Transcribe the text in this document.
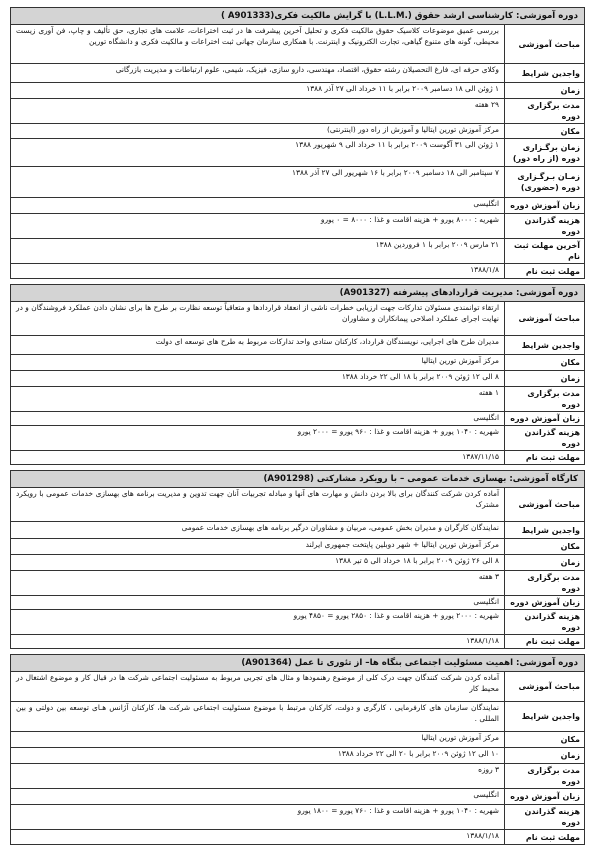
دوره آموزشی: کارشناسی ارشد حقوق (.L.L.M) با گرایش مالکیت فکری(A901333 )
مباحث آموزشی
بررسی عمیق موضوعات کلاسیک حقوق مالکیت فکری و تحلیل آخرین پیشرفت ها در ثبت اختراعات، علامت های تجاری، حق تألیف و چاپ، فن آوری زیست محیطی، گونه های متنوع گیاهی، تجارت الکترونیک و اینترنت. با همکاری سازمان جهانی ثبت اختراعات و مالکیت فکری و دانشگاه تورین
واجدین شرایط
وکلای حرفه ای، فارغ التحصیلان رشته حقوق، اقتصاد، مهندسی، دارو سازی، فیزیک، شیمی، علوم ارتباطات و مدیریت بازرگانی
زمان
۱ ژوئن الی ۱۸ دسامبر ۲۰۰۹ برابر با ۱۱ خرداد الی ۲۷ آذر ۱۳۸۸
مدت برگزاری دوره
۲۹ هفته
مکان
مرکز آموزش تورین ایتالیا و آموزش از راه دور (اینترنتی)
زمان برگـزاری دوره (از راه دور)
۱ ژوئن الی ۳۱ آگوست ۲۰۰۹ برابر با ۱۱ خرداد الی ۹ شهریور ۱۳۸۸
زمـان بـرگـزاری دوره (حضوری)
۷ سپتامبر الی ۱۸ دسامبر ۲۰۰۹ برابر با ۱۶ شهریور الی ۲۷ آذر ۱۳۸۸
زبان آموزش دوره
انگلیسی
هزینه گذراندن دوره
شهریه : ۸۰۰۰ یورو + هزینه اقامت و غذا : ۸۰۰۰ = ۰ یورو
آخرین مهلت ثبت نام
۲۱ مارس ۲۰۰۹ برابر با ۱ فروردین ۱۳۸۸
مهلت ثبت نام
۱۳۸۸/۱/۸
دوره آموزشی: مدیریت قراردادهای پیشرفته (A901327)
مباحث آموزشی
ارتقاء توانمندی مسئولان تدارکات جهت ارزیابی خطرات ناشی از انعقاد قراردادها و متعاقباً توسعه نظارت بر طرح ها برای نشان دادن عملکرد فروشندگان و در نهایت اجرای عملکرد اصلاحی پیمانکاران و مشاوران
واجدین شرایط
مدیران طرح های اجرایی، نویسندگان قرارداد، کارکنان ستادی واحد تدارکات مربوط به طرح های توسعه ای دولت
مکان
مرکز آموزش تورین ایتالیا
زمان
۸ الی ۱۲ ژوئن ۲۰۰۹ برابر با ۱۸ الی ۲۲ خرداد ۱۳۸۸
مدت برگزاری دوره
۱ هفته
زبان آموزش دوره
انگلیسی
هزینه گذراندن دوره
شهریه : ۱۰۴۰ یورو + هزینه اقامت و غذا : ۹۶۰ یورو = ۲۰۰۰ یورو
مهلت ثبت نام
۱۳۸۷/۱۱/۱۵
کارگاه آموزشی: بهسازی خدمات عمومی – با رویکرد مشارکتی (A901298)
مباحث آموزشی
آماده کردن شرکت کنندگان برای بالا بردن دانش و مهارت های آنها و مبادله تجربیات آنان جهت تدوین و مدیریت برنامه های بهسازی خدمات عمومی با رویکرد مشترک
واجدین شرایط
نمایندگان کارگران و مدیران بخش عمومی، مربیان و مشاوران درگیر برنامه های بهسازی خدمات عمومی
مکان
مرکز آموزش تورین ایتالیا + شهر دوبلین پایتخت جمهوری ایرلند
زمان
۸ الی ۲۶ ژوئن ۲۰۰۹ برابر با ۱۸ خرداد الی ۵ تیر ۱۳۸۸
مدت برگزاری دوره
۳ هفته
زبان آموزش دوره
انگلیسی
هزینه گذراندن دوره
شهریه : ۲۰۰۰ یورو + هزینه اقامت و غذا : ۲۸۵۰ یورو = ۴۸۵۰ یورو
مهلت ثبت نام
۱۳۸۸/۱/۱۸
دوره آموزشی: اهمیت مسئولیت اجتماعی بنگاه ها– از تئوری تا عمل (A901364)
مباحث آموزشی
آماده کردن شرکت کنندگان جهت درک کلی از موضوع رهنمودها و مثال های تجربی مربوط به مسئولیت اجتماعی شرکت ها در قبال کار و موضوع اشتغال در محیط کار
واجدین شرایط
نمایندگان سازمان های کارفرمایی ، کارگری و دولت، کارکنان مرتبط با موضوع مسئولیت اجتماعی شرکت ها، کارکنان آژانس هـای توسعه بین دولتی و بین المللی .
مکان
مرکز آموزش تورین ایتالیا
زمان
۱۰ الی ۱۲ ژوئن ۲۰۰۹ برابر با ۲۰ الی ۲۲ خرداد ۱۳۸۸
مدت برگزاری دوره
۳ روزه
زبان آموزش دوره
انگلیسی
هزینه گذراندن دوره
شهریه : ۱۰۴۰ یورو + هزینه اقامت و غذا : ۷۶۰ یورو = ۱۸۰۰ یورو
مهلت ثبت نام
۱۳۸۸/۱/۱۸
